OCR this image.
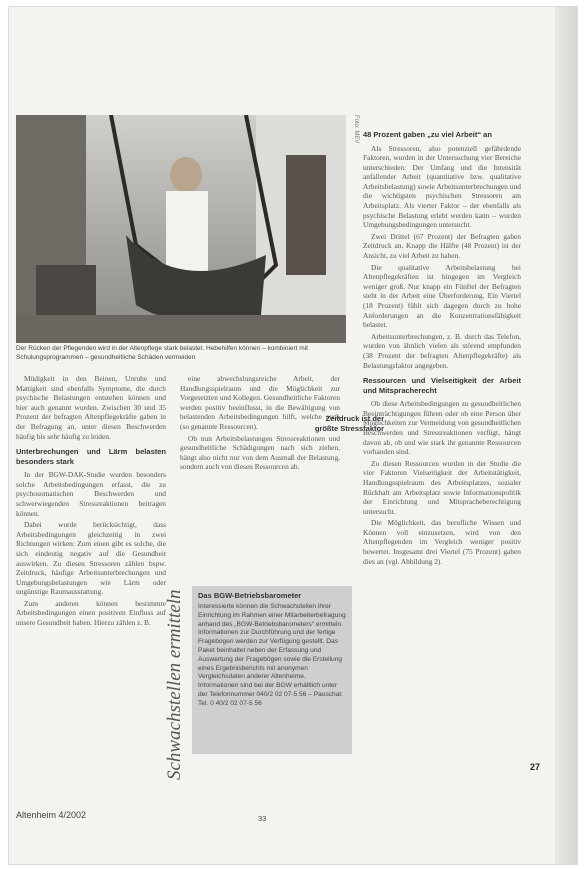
Foto: MEV
Der Rücken der Pflegenden wird in der Altenpflege stark belastet. Hebehilfen können – kombiniert mit Schulungsprogrammen – gesundheitliche Schäden vermeiden

Müdigkeit in den Beinen, Unruhe und Mattigkeit sind ebenfalls Symptome, die durch psychische Belastungen entstehen können und hier auch genannt wurden. Zwischen 30 und 35 Prozent der befragten Altenpflegekräfte gaben in der Befragung an, unter diesen Beschwerden häufig bis sehr häufig zu leiden.

Unterbrechungen und Lärm belasten besonders stark

In der BGW-DAK-Studie wurden besonders solche Arbeitsbedingungen erfasst, die zu psychosomatischen Beschwerden und schwerwiegenden Stressreaktionen beitragen können.

Dabei wurde berücksichtigt, dass Arbeitsbedingungen gleichzeitig in zwei Richtungen wirken: Zum einen gibt es solche, die sich eindeutig negativ auf die Gesundheit auswirken. Zu diesen Stressoren zählen bspw. Zeitdruck, häufige Arbeitsunterbrechungen und Umgebungsbelastungen wie Lärm oder ungünstige Raumausstattung.

Zum anderen können bestimmte Arbeitsbedingungen einen positiven Einfluss auf unsere Gesundheit haben. Hierzu zählen z. B.

eine abwechslungsreiche Arbeit, der Handlungsspielraum und die Möglichkeit zur Vorgesetzten und Kollegen. Gesundheitliche Faktoren werden positiv beeinflusst, in die Bewältigung von belastenden Arbeitsbedingungen hilft, welche auch (so genannte Ressourcen).

Ob nun Arbeitsbelastungen Stressreaktionen und gesundheitliche Schädigungen nach sich ziehen, hängt also nicht nur von dem Ausmaß der Belastung, sondern auch von diesen Ressourcen ab.

Zeitdruck ist der größte Stressfaktor
Schwachstellen ermitteln	Das BGW-Betriebsbarometer
Interessierte können die Schwachstellen ihrer Einrichtung im Rahmen einer Mitarbeiterbefragung anhand des „BGW-Betriebsbarometers“ ermitteln. Informationen zur Durchführung und der fertige Fragebogen werden zur Verfügung gestellt. Das Paket beinhaltet neben der Erfassung und Auswertung der Fragebögen sowie die Erstellung eines Ergebnisberichts mit anonymen Vergleichsdaten anderer Altenheime. Informationen sind bei der BGW erhältlich unter der Telefonnummer 040/2 02 07-5 56 – Pauschal: Tel. 0 40/2 02 07-5 56
48 Prozent gaben „zu viel Arbeit“ an

Als Stressoren, also potenziell gefährdende Faktoren, wurden in der Untersuchung vier Bereiche unterschieden: Der Umfang und die Intensität anfallender Arbeit (quantitative bzw. qualitative Arbeitsbelastung) sowie Arbeitsunterbrechungen und die wichtigsten psychischen Stressoren am Arbeitsplatz. Als vierter Faktor – der ebenfalls als psychische Belastung erlebt werden kann – wurden Umgebungsbedingungen untersucht.

Zwei Drittel (67 Prozent) der Befragten gaben Zeitdruck an. Knapp die Hälfte (48 Prozent) ist der Ansicht, zu viel Arbeit zu haben.

Die qualitative Arbeitsbelastung bei Altenpflegekräften ist hingegen im Vergleich weniger groß. Nur knapp ein Fünftel der Befragten sieht in der Arbeit eine Überforderung. Ein Viertel (18 Prozent) fühlt sich dagegen durch zu hohe Anforderungen an die Konzentrationsfähigkeit belastet.

Arbeitsunterbrechungen, z. B. durch das Telefon, wurden von ähnlich vielen als störend empfunden (38 Prozent der befragten Altenpflegekräfte) als Belastungsfaktor angegeben.

Ressourcen und Vielseitigkeit der Arbeit und Mitspracherecht

Ob diese Arbeitsbedingungen zu gesundheitlichen Beeinträchtigungen führen oder ob eine Person über Möglichkeiten zur Vermeidung von gesundheitlichen Beschwerden und Stressreaktionen verfügt, hängt davon ab, ob und wie stark ihr genannte Ressourcen vorhanden sind.

Zu diesen Ressourcen wurden in der Studie die vier Faktoren Vielseitigkeit der Arbeitstätigkeit, Handlungsspielraum des Arbeitsplatzes, sozialer Rückhalt am Arbeitsplatz sowie Informationspolitik der Einrichtung und Mitspracheberechtigung untersucht.

Die Möglichkeit, das berufliche Wissen und Können voll einzusetzen, wird von den Altenpflegenden im Vergleich weniger positiv bewertet. Insgesamt drei Viertel (75 Prozent) gaben dies an (vgl. Abbildung 2).

Altenheim 4/2002	33
27
